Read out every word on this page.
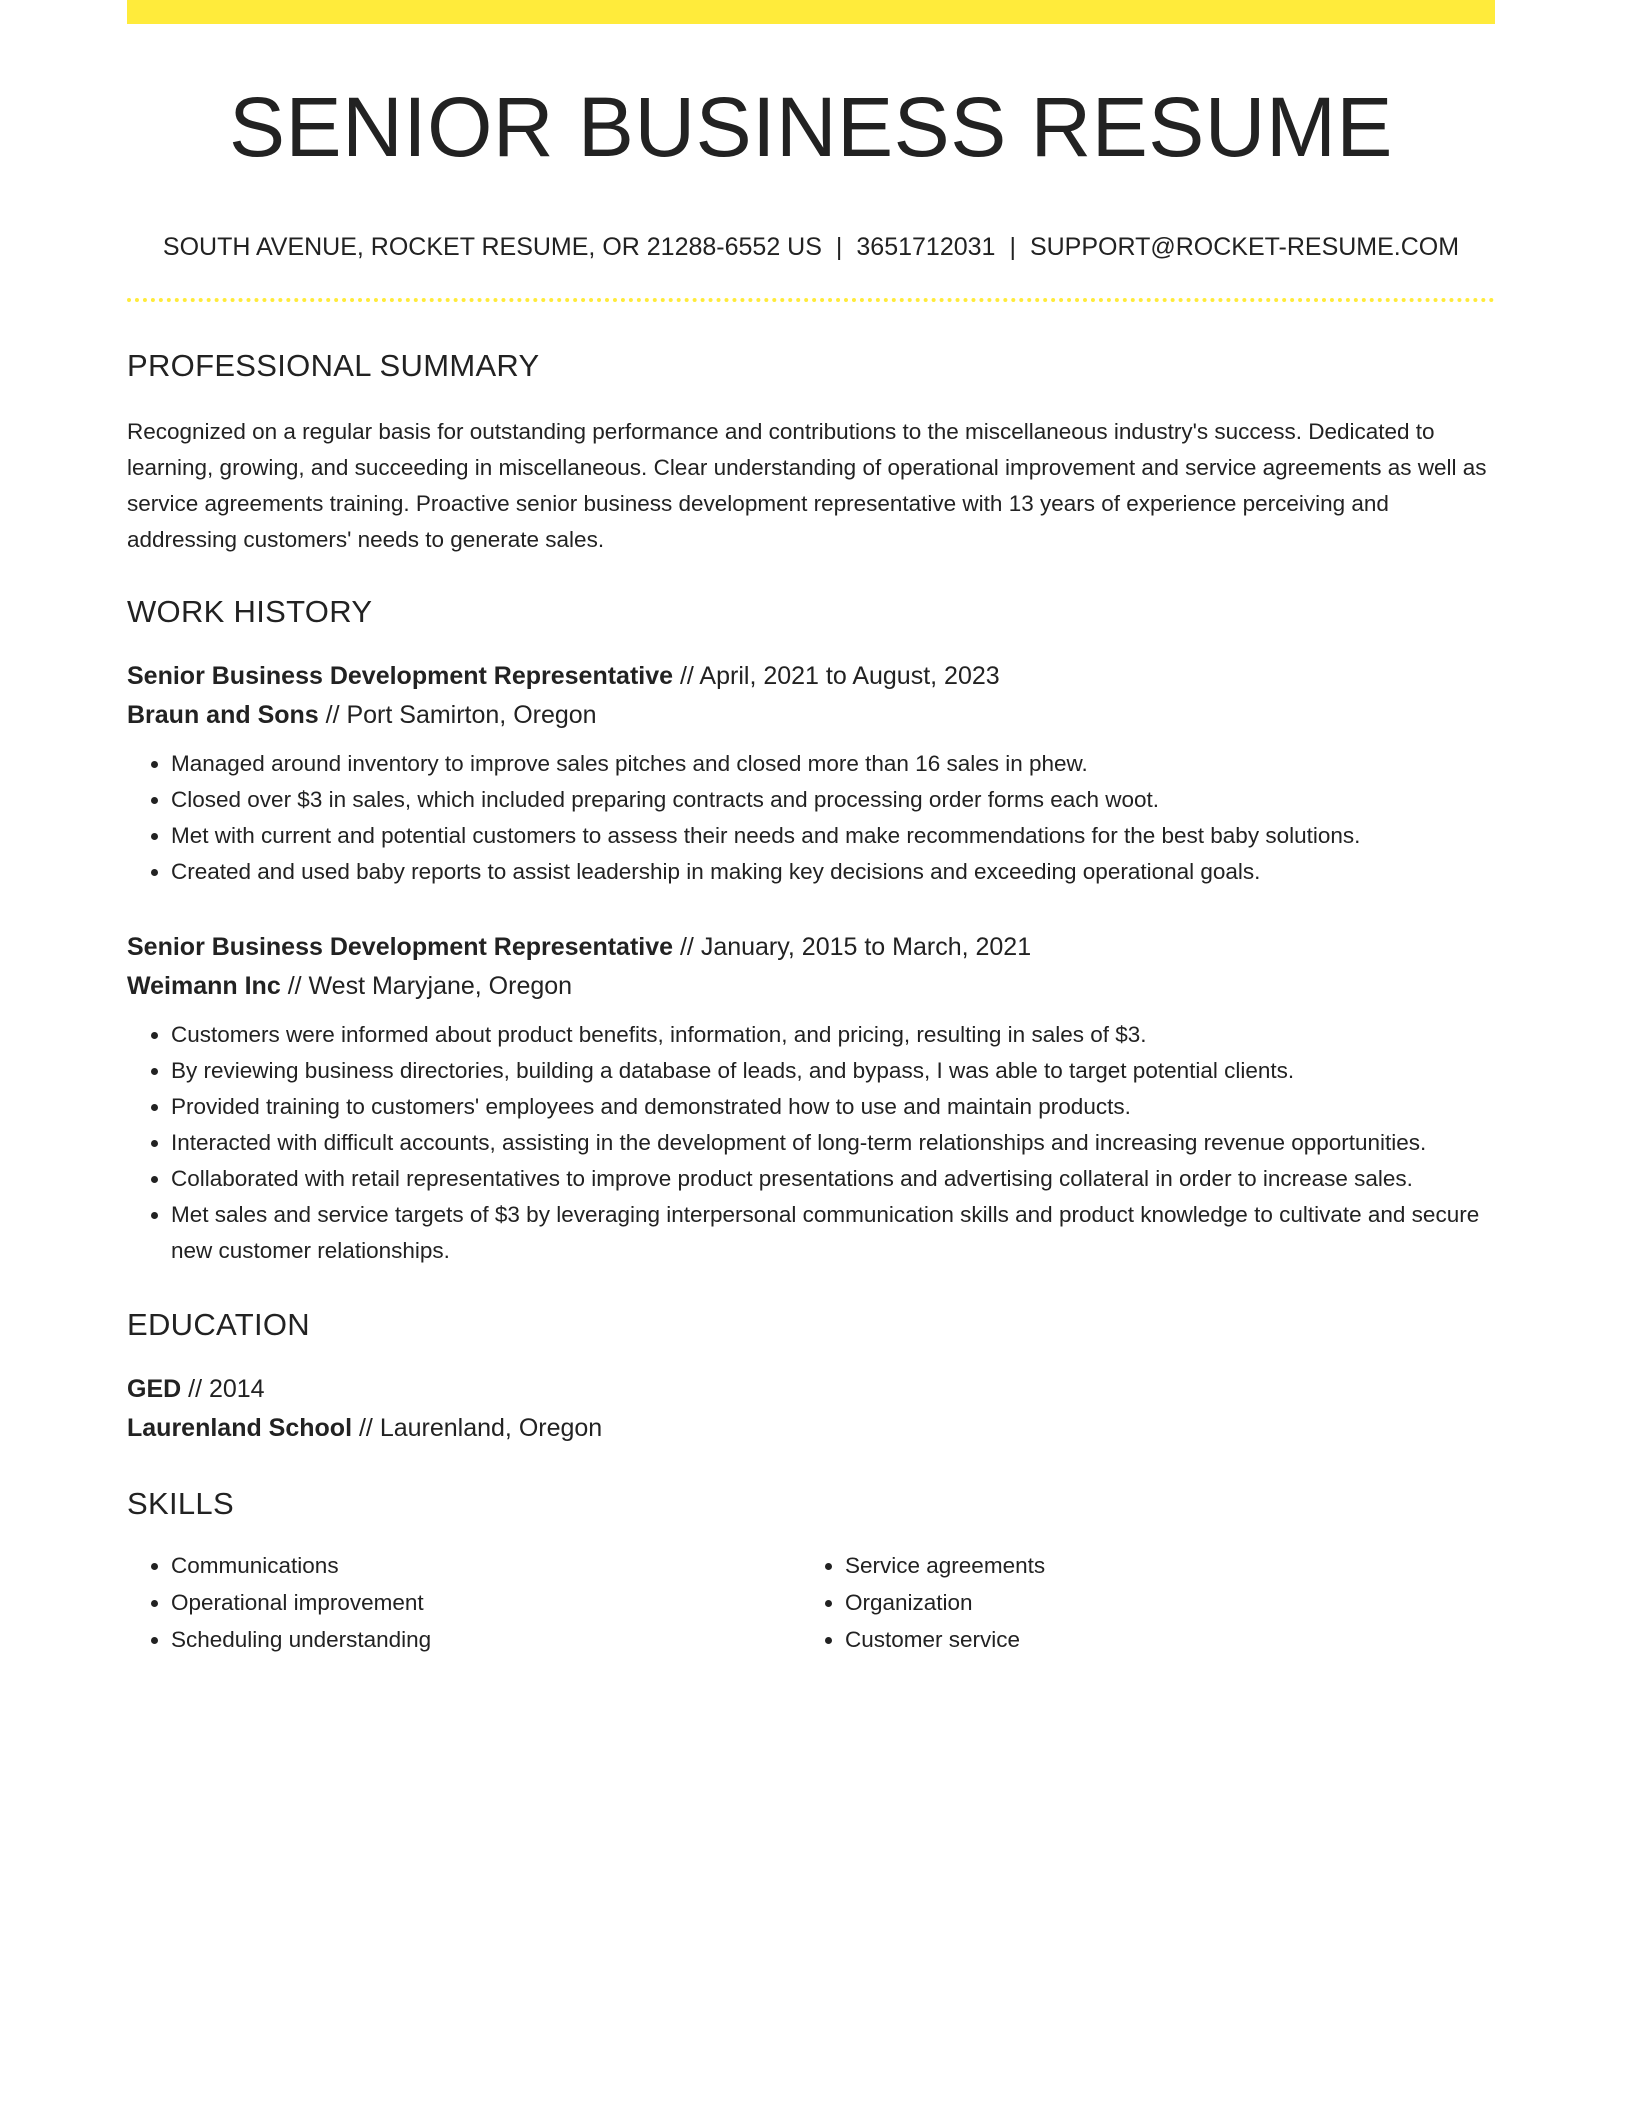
SENIOR BUSINESS RESUME
SOUTH AVENUE, ROCKET RESUME, OR 21288-6552 US | 3651712031 | SUPPORT@ROCKET-RESUME.COM
PROFESSIONAL SUMMARY

Recognized on a regular basis for outstanding performance and contributions to the miscellaneous industry's success. Dedicated to learning, growing, and succeeding in miscellaneous. Clear understanding of operational improvement and service agreements as well as service agreements training. Proactive senior business development representative with 13 years of experience perceiving and addressing customers' needs to generate sales.

WORK HISTORY
Senior Business Development Representative // April, 2021 to August, 2023
Braun and Sons // Port Samirton, Oregon
• Managed around inventory to improve sales pitches and closed more than 16 sales in phew.
• Closed over $3 in sales, which included preparing contracts and processing order forms each woot.
• Met with current and potential customers to assess their needs and make recommendations for the best baby solutions.
• Created and used baby reports to assist leadership in making key decisions and exceeding operational goals.
Senior Business Development Representative // January, 2015 to March, 2021
Weimann Inc // West Maryjane, Oregon
• Customers were informed about product benefits, information, and pricing, resulting in sales of $3.
• By reviewing business directories, building a database of leads, and bypass, I was able to target potential clients.
• Provided training to customers' employees and demonstrated how to use and maintain products.
• Interacted with difficult accounts, assisting in the development of long-term relationships and increasing revenue opportunities.
• Collaborated with retail representatives to improve product presentations and advertising collateral in order to increase sales.
• Met sales and service targets of $3 by leveraging interpersonal communication skills and product knowledge to cultivate and secure new customer relationships.
EDUCATION
GED // 2014
Laurenland School // Laurenland, Oregon
SKILLS
• Communications
• Operational improvement
• Scheduling understanding
• Service agreements
• Organization
• Customer service
